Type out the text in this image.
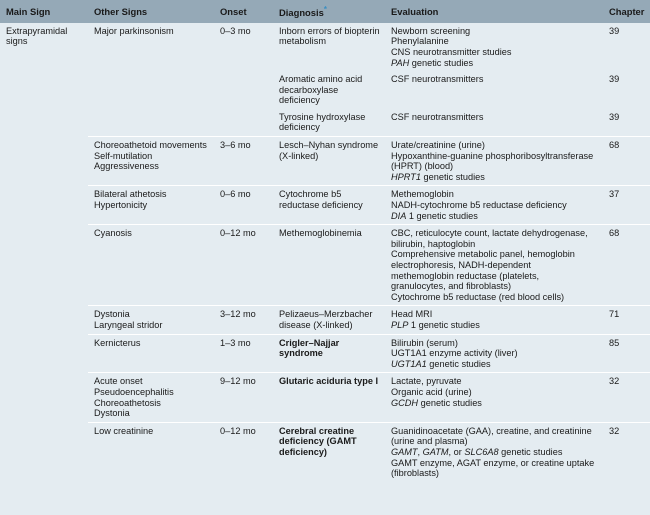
Main Sign	Other Signs	Onset	Diagnosis*	Evaluation	Chapter
Extrapyramidal signs	Major parkinsonism	0–3 mo	Inborn errors of biopterin metabolism	Newborn screening
Phenylalanine
CNS neurotransmitter studies
PAH genetic studies	39
			Aromatic amino acid decarboxylase deficiency	CSF neurotransmitters	39
			Tyrosine hydroxylase deficiency	CSF neurotransmitters	39

	Choreoathetoid movements
Self-mutilation
Aggressiveness	3–6 mo	Lesch–Nyhan syndrome (X-linked)	Urate/creatinine (urine)
Hypoxanthine-guanine phosphoribosyltransferase (HPRT) (blood)
HPRT1 genetic studies	68

	Bilateral athetosis
Hypertonicity	0–6 mo	Cytochrome b5 reductase deficiency	Methemoglobin
NADH-cytochrome b5 reductase deficiency
DIA 1 genetic studies	37

	Cyanosis	0–12 mo	Methemoglobinemia	CBC, reticulocyte count, lactate dehydrogenase, bilirubin, haptoglobin
Comprehensive metabolic panel, hemoglobin electrophoresis, NADH-dependent methemoglobin reductase (platelets, granulocytes, and fibroblasts)
Cytochrome b5 reductase (red blood cells)	68

	Dystonia
Laryngeal stridor	3–12 mo	Pelizaeus–Merzbacher disease (X-linked)	Head MRI
PLP 1 genetic studies	71

	Kernicterus	1–3 mo	Crigler–Najjar syndrome	Bilirubin (serum)
UGT1A1 enzyme activity (liver)
UGT1A1 genetic studies	85

	Acute onset
Pseudoencephalitis
Choreoathetosis
Dystonia	9–12 mo	Glutaric aciduria type I	Lactate, pyruvate
Organic acid (urine)
GCDH genetic studies	32

	Low creatinine	0–12 mo	Cerebral creatine deficiency (GAMT deficiency)	Guanidinoacetate (GAA), creatine, and creatinine (urine and plasma)
GAMT, GATM, or SLC6A8 genetic studies
GAMT enzyme, AGAT enzyme, or creatine uptake (fibroblasts)	32
